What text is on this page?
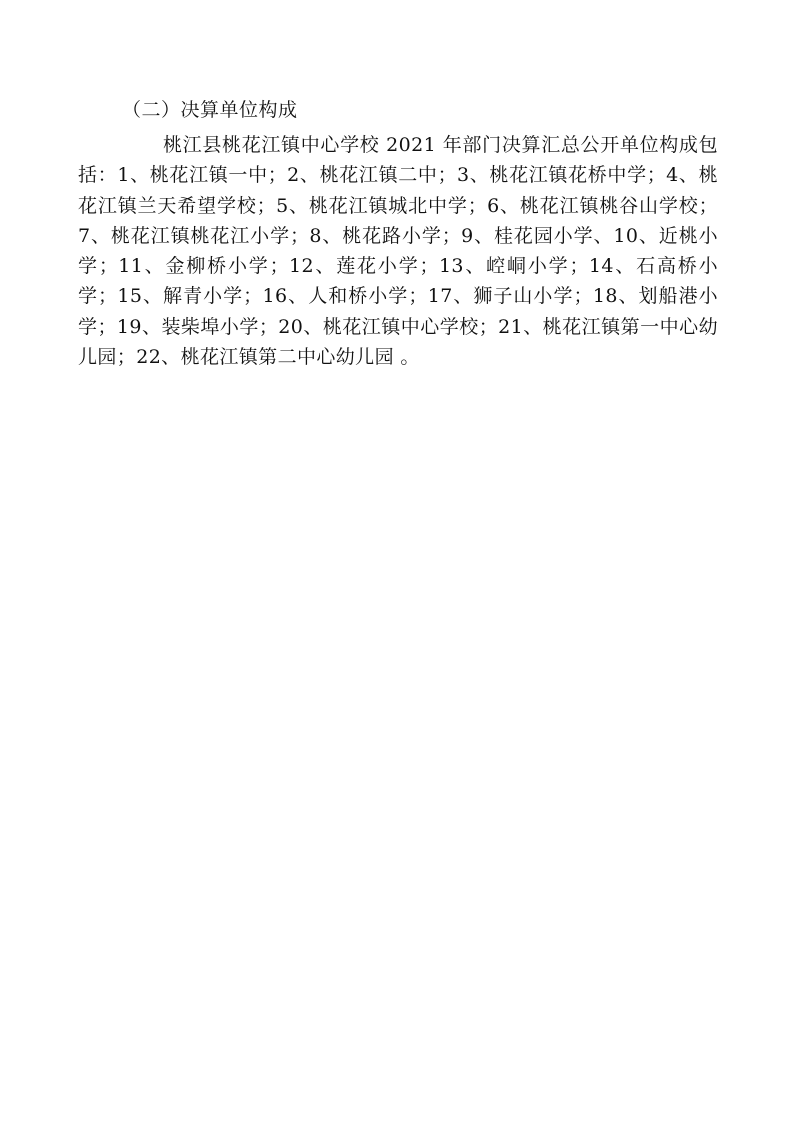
（二）决算单位构成

桃江县桃花江镇中心学校 2021 年部门决算汇总公开单位构成包括：1、桃花江镇一中；2、桃花江镇二中；3、桃花江镇花桥中学；4、桃花江镇兰天希望学校；5、桃花江镇城北中学；6、桃花江镇桃谷山学校；7、桃花江镇桃花江小学；8、桃花路小学；9、桂花园小学、10、近桃小学；11、金柳桥小学；12、莲花小学；13、崆峒小学；14、石高桥小学；15、解青小学；16、人和桥小学；17、狮子山小学；18、划船港小学；19、装柴埠小学；20、桃花江镇中心学校；21、桃花江镇第一中心幼儿园；22、桃花江镇第二中心幼儿园 。
